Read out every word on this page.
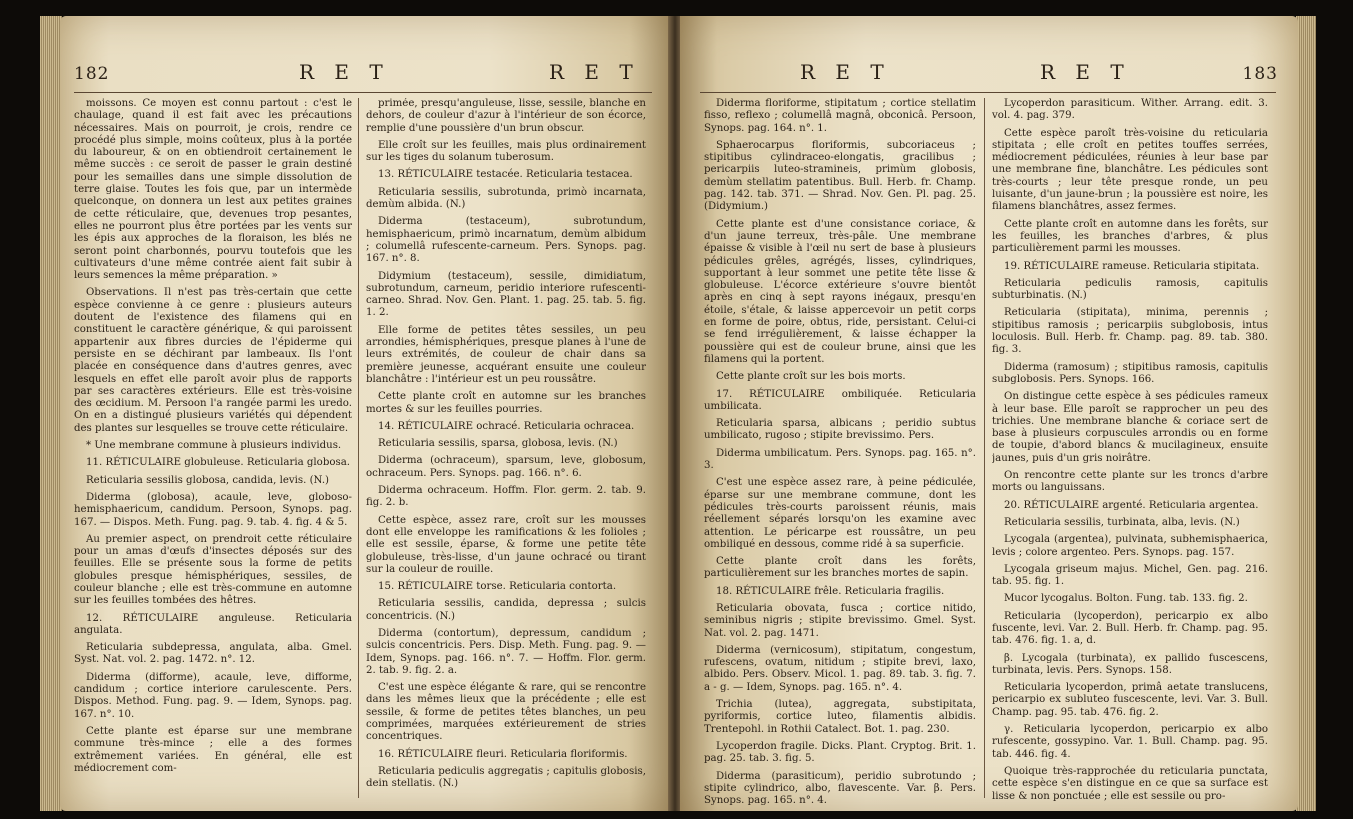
182	R E T	R E T

moissons. Ce moyen est connu partout : c'est le chaulage, quand il est fait avec les précautions nécessaires. Mais on pourroit, je crois, rendre ce procédé plus simple, moins coûteux, plus à la portée du laboureur, & on en obtiendroit certainement le même succès : ce seroit de passer le grain destiné pour les semailles dans une simple dissolution de terre glaise. Toutes les fois que, par un intermède quelconque, on donnera un lest aux petites graines de cette réticulaire, que, devenues trop pesantes, elles ne pourront plus être portées par les vents sur les épis aux approches de la floraison, les blés ne seront point charbonnés, pourvu toutefois que les cultivateurs d'une même contrée aient fait subir à leurs semences la même préparation. »

Observations. Il n'est pas très-certain que cette espèce convienne à ce genre : plusieurs auteurs doutent de l'existence des filamens qui en constituent le caractère générique, & qui paroissent appartenir aux fibres durcies de l'épiderme qui persiste en se déchirant par lambeaux. Ils l'ont placée en conséquence dans d'autres genres, avec lesquels en effet elle paroît avoir plus de rapports par ses caractères extérieurs. Elle est très-voisine des œcidium. M. Persoon l'a rangée parmi les uredo. On en a distingué plusieurs variétés qui dépendent des plantes sur lesquelles se trouve cette réticulaire.

* Une membrane commune à plusieurs individus.

11. RÉTICULAIRE globuleuse. Reticularia globosa.

Reticularia sessilis globosa, candida, levis. (N.)

Diderma (globosa), acaule, leve, globoso-hemisphaericum, candidum. Persoon, Synops. pag. 167. — Dispos. Meth. Fung. pag. 9. tab. 4. fig. 4 & 5.

Au premier aspect, on prendroit cette réticulaire pour un amas d'œufs d'insectes déposés sur des feuilles. Elle se présente sous la forme de petits globules presque hémisphériques, sessiles, de couleur blanche ; elle est très-commune en automne sur les feuilles tombées des hêtres.

12. RÉTICULAIRE anguleuse. Reticularia angulata.

Reticularia subdepressa, angulata, alba. Gmel. Syst. Nat. vol. 2. pag. 1472. n°. 12.

Diderma (difforme), acaule, leve, difforme, candidum ; cortice interiore carulescente. Pers. Dispos. Method. Fung. pag. 9. — Idem, Synops. pag. 167. n°. 10.

Cette plante est éparse sur une membrane commune très-mince ; elle a des formes extrêmement variées. En général, elle est médiocrement com-

primée, presqu'anguleuse, lisse, sessile, blanche en dehors, de couleur d'azur à l'intérieur de son écorce, remplie d'une poussière d'un brun obscur.

Elle croît sur les feuilles, mais plus ordinairement sur les tiges du solanum tuberosum.

13. RÉTICULAIRE testacée. Reticularia testacea.

Reticularia sessilis, subrotunda, primò incarnata, demùm albida. (N.)

Diderma (testaceum), subrotundum, hemisphaericum, primò incarnatum, demùm albidum ; columellâ rufescente-carneum. Pers. Synops. pag. 167. n°. 8.

Didymium (testaceum), sessile, dimidiatum, subrotundum, carneum, peridio interiore rufescenti-carneo. Shrad. Nov. Gen. Plant. 1. pag. 25. tab. 5. fig. 1. 2.

Elle forme de petites têtes sessiles, un peu arrondies, hémisphériques, presque planes à l'une de leurs extrémités, de couleur de chair dans sa première jeunesse, acquérant ensuite une couleur blanchâtre : l'intérieur est un peu roussâtre.

Cette plante croît en automne sur les branches mortes & sur les feuilles pourries.

14. RÉTICULAIRE ochracé. Reticularia ochracea.

Reticularia sessilis, sparsa, globosa, levis. (N.)

Diderma (ochraceum), sparsum, leve, globosum, ochraceum. Pers. Synops. pag. 166. n°. 6.

Diderma ochraceum. Hoffm. Flor. germ. 2. tab. 9. fig. 2. b.

Cette espèce, assez rare, croît sur les mousses dont elle enveloppe les ramifications & les folioles ; elle est sessile, éparse, & forme une petite tête globuleuse, très-lisse, d'un jaune ochracé ou tirant sur la couleur de rouille.

15. RÉTICULAIRE torse. Reticularia contorta.

Reticularia sessilis, candida, depressa ; sulcis concentricis. (N.)

Diderma (contortum), depressum, candidum ; sulcis concentricis. Pers. Disp. Meth. Fung. pag. 9. — Idem, Synops. pag. 166. n°. 7. — Hoffm. Flor. germ. 2. tab. 9. fig. 2. a.

C'est une espèce élégante & rare, qui se rencontre dans les mêmes lieux que la précédente ; elle est sessile, & forme de petites têtes blanches, un peu comprimées, marquées extérieurement de stries concentriques.

16. RÉTICULAIRE fleuri. Reticularia floriformis.

Reticularia pediculis aggregatis ; capitulis globosis, dein stellatis. (N.)

R E T	R E T	183

Diderma floriforme, stipitatum ; cortice stellatim fisso, reflexo ; columellâ magnâ, obconicâ. Persoon, Synops. pag. 164. n°. 1.

Sphaerocarpus floriformis, subcoriaceus ; stipitibus cylindraceo-elongatis, gracilibus ; pericarpiis luteo-stramineis, primùm globosis, demùm stellatim patentibus. Bull. Herb. fr. Champ. pag. 142. tab. 371. — Shrad. Nov. Gen. Pl. pag. 25. (Didymium.)

Cette plante est d'une consistance coriace, & d'un jaune terreux, très-pâle. Une membrane épaisse & visible à l'œil nu sert de base à plusieurs pédicules grêles, agrégés, lisses, cylindriques, supportant à leur sommet une petite tête lisse & globuleuse. L'écorce extérieure s'ouvre bientôt après en cinq à sept rayons inégaux, presqu'en étoile, s'étale, & laisse appercevoir un petit corps en forme de poire, obtus, ride, persistant. Celui-ci se fend irrégulièrement, & laisse échapper la poussière qui est de couleur brune, ainsi que les filamens qui la portent.

Cette plante croît sur les bois morts.

17. RÉTICULAIRE ombiliquée. Reticularia umbilicata.

Reticularia sparsa, albicans ; peridio subtus umbilicato, rugoso ; stipite brevissimo. Pers.

Diderma umbilicatum. Pers. Synops. pag. 165. n°. 3.

C'est une espèce assez rare, à peine pédiculée, éparse sur une membrane commune, dont les pédicules très-courts paroissent réunis, mais réellement séparés lorsqu'on les examine avec attention. Le péricarpe est roussâtre, un peu ombiliqué en dessous, comme ridé à sa superficie.

Cette plante croît dans les forêts, particulièrement sur les branches mortes de sapin.

18. RÉTICULAIRE frêle. Reticularia fragilis.

Reticularia obovata, fusca ; cortice nitido, seminibus nigris ; stipite brevissimo. Gmel. Syst. Nat. vol. 2. pag. 1471.

Diderma (vernicosum), stipitatum, congestum, rufescens, ovatum, nitidum ; stipite brevi, laxo, albido. Pers. Observ. Micol. 1. pag. 89. tab. 3. fig. 7. a - g. — Idem, Synops. pag. 165. n°. 4.

Trichia (lutea), aggregata, substipitata, pyriformis, cortice luteo, filamentis albidis. Trentepohl. in Rothii Catalect. Bot. 1. pag. 230.

Lycoperdon fragile. Dicks. Plant. Cryptog. Brit. 1. pag. 25. tab. 3. fig. 5.

Diderma (parasiticum), peridio subrotundo ; stipite cylindrico, albo, flavescente. Var. β. Pers. Synops. pag. 165. n°. 4.

Lycoperdon parasiticum. Wither. Arrang. edit. 3. vol. 4. pag. 379.

Cette espèce paroît très-voisine du reticularia stipitata ; elle croît en petites touffes serrées, médiocrement pédiculées, réunies à leur base par une membrane fine, blanchâtre. Les pédicules sont très-courts ; leur tête presque ronde, un peu luisante, d'un jaune-brun ; la poussière est noire, les filamens blanchâtres, assez fermes.

Cette plante croît en automne dans les forêts, sur les feuilles, les branches d'arbres, & plus particulièrement parmi les mousses.

19. RÉTICULAIRE rameuse. Reticularia stipitata.

Reticularia pediculis ramosis, capitulis subturbinatis. (N.)

Reticularia (stipitata), minima, perennis ; stipitibus ramosis ; pericarpiis subglobosis, intus loculosis. Bull. Herb. fr. Champ. pag. 89. tab. 380. fig. 3.

Diderma (ramosum) ; stipitibus ramosis, capitulis subglobosis. Pers. Synops. 166.

On distingue cette espèce à ses pédicules rameux à leur base. Elle paroît se rapprocher un peu des trichies. Une membrane blanche & coriace sert de base à plusieurs corpuscules arrondis ou en forme de toupie, d'abord blancs & mucilagineux, ensuite jaunes, puis d'un gris noirâtre.

On rencontre cette plante sur les troncs d'arbre morts ou languissans.

20. RÉTICULAIRE argenté. Reticularia argentea.

Reticularia sessilis, turbinata, alba, levis. (N.)

Lycogala (argentea), pulvinata, subhemisphaerica, levis ; colore argenteo. Pers. Synops. pag. 157.

Lycogala griseum majus. Michel, Gen. pag. 216. tab. 95. fig. 1.

Mucor lycogalus. Bolton. Fung. tab. 133. fig. 2.

Reticularia (lycoperdon), pericarpio ex albo fuscente, levi. Var. 2. Bull. Herb. fr. Champ. pag. 95. tab. 476. fig. 1. a, d.

β. Lycogala (turbinata), ex pallido fuscescens, turbinata, levis. Pers. Synops. 158.

Reticularia lycoperdon, primâ aetate translucens, pericarpio ex subluteo fuscescente, levi. Var. 3. Bull. Champ. pag. 95. tab. 476. fig. 2.

γ. Reticularia lycoperdon, pericarpio ex albo rufescente, gossypino. Var. 1. Bull. Champ. pag. 95. tab. 446. fig. 4.

Quoique très-rapprochée du reticularia punctata, cette espèce s'en distingue en ce que sa surface est lisse & non ponctuée ; elle est sessile ou pro-
